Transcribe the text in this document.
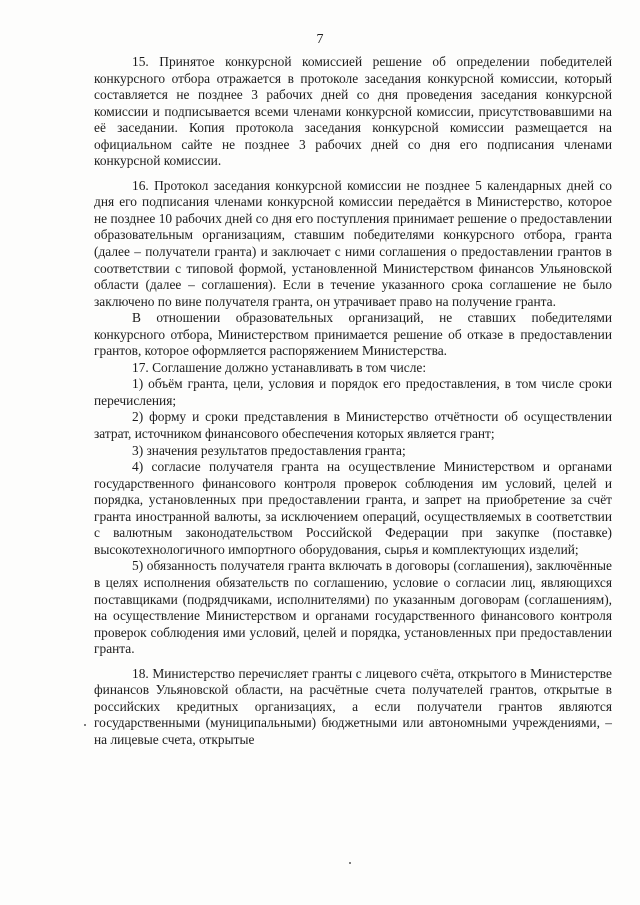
7

15. Принятое конкурсной комиссией решение об определении победителей конкурсного отбора отражается в протоколе заседания конкурсной комиссии, который составляется не позднее 3 рабочих дней со дня проведения заседания конкурсной комиссии и подписывается всеми членами конкурсной комиссии, присутствовавшими на её заседании. Копия протокола заседания конкурсной комиссии размещается на официальном сайте не позднее 3 рабочих дней со дня его подписания членами конкурсной комиссии.

16. Протокол заседания конкурсной комиссии не позднее 5 календарных дней со дня его подписания членами конкурсной комиссии передаётся в Министерство, которое не позднее 10 рабочих дней со дня его поступления принимает решение о предоставлении образовательным организациям, ставшим победителями конкурсного отбора, гранта (далее – получатели гранта) и заключает с ними соглашения о предоставлении грантов в соответствии с типовой формой, установленной Министерством финансов Ульяновской области (далее – соглашения). Если в течение указанного срока соглашение не было заключено по вине получателя гранта, он утрачивает право на получение гранта.

В отношении образовательных организаций, не ставших победителями конкурсного отбора, Министерством принимается решение об отказе в предоставлении грантов, которое оформляется распоряжением Министерства.

17. Соглашение должно устанавливать в том числе:

1) объём гранта, цели, условия и порядок его предоставления, в том числе сроки перечисления;

2) форму и сроки представления в Министерство отчётности об осуществлении затрат, источником финансового обеспечения которых является грант;

3) значения результатов предоставления гранта;

4) согласие получателя гранта на осуществление Министерством и органами государственного финансового контроля проверок соблюдения им условий, целей и порядка, установленных при предоставлении гранта, и запрет на приобретение за счёт гранта иностранной валюты, за исключением операций, осуществляемых в соответствии с валютным законодательством Российской Федерации при закупке (поставке) высокотехнологичного импортного оборудования, сырья и комплектующих изделий;

5) обязанность получателя гранта включать в договоры (соглашения), заключённые в целях исполнения обязательств по соглашению, условие о согласии лиц, являющихся поставщиками (подрядчиками, исполнителями) по указанным договорам (соглашениям), на осуществление Министерством и органами государственного финансового контроля проверок соблюдения ими условий, целей и порядка, установленных при предоставлении гранта.

18. Министерство перечисляет гранты с лицевого счёта, открытого в Министерстве финансов Ульяновской области, на расчётные счета получателей грантов, открытые в российских кредитных организациях, а если получатели грантов являются государственными (муниципальными) бюджетными или автономными учреждениями, – на лицевые счета, открытые
